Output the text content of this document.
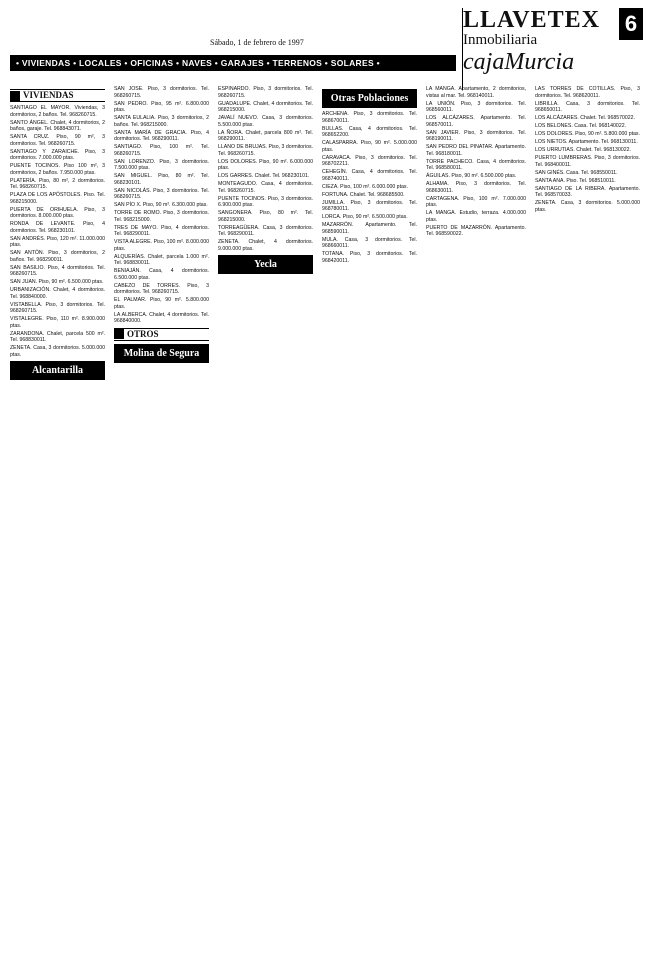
Sábado, 1 de febrero de 1997
LLAVETEX
Inmobiliaria
cajaMurcia
6
• VIVIENDAS • LOCALES • OFICINAS • NAVES • GARAJES • TERRENOS • SOLARES •
VIVIENDAS

SANTIAGO EL MAYOR. Viviendas, 3 dormitorios, 2 baños. Tel. 968260715.

SANTO ÁNGEL. Chalet, 4 dormitorios, 2 baños, garaje. Tel. 968843071.

SANTA CRUZ. Piso, 90 m², 3 dormitorios. Tel. 968260715.

SANTIAGO Y ZARAICHE. Piso, 3 dormitorios. 7.000.000 ptas.

PUENTE TOCINOS. Piso 100 m², 3 dormitorios, 2 baños. 7.950.000 ptas.

PLATERÍA. Piso, 80 m², 2 dormitorios. Tel. 968260715.

PLAZA DE LOS APÓSTOLES. Piso. Tel. 968215000.

PUERTA DE ORIHUELA. Piso, 3 dormitorios. 8.000.000 ptas.

RONDA DE LEVANTE. Piso, 4 dormitorios. Tel. 968230101.

SAN ANDRÉS. Piso, 120 m². 11.000.000 ptas.

SAN ANTÓN. Piso, 3 dormitorios, 2 baños. Tel. 968290011.

SAN BASILIO. Piso, 4 dormitorios. Tel. 968260715.

SAN JUAN. Piso, 90 m². 6.500.000 ptas.

URBANIZACIÓN. Chalet, 4 dormitorios. Tel. 968840000.

VISTABELLA. Piso, 3 dormitorios. Tel. 968260715.

VISTALEGRE. Piso, 110 m². 8.900.000 ptas.

ZARANDONA. Chalet, parcela 500 m². Tel. 968830011.

ZENETA. Casa, 3 dormitorios. 5.000.000 ptas.

Alcantarilla

SAN JOSÉ. Piso, 3 dormitorios. Tel. 968260715.

SAN PEDRO. Piso, 95 m². 6.800.000 ptas.

SANTA EULALIA. Piso, 3 dormitorios, 2 baños. Tel. 968215000.

SANTA MARÍA DE GRACIA. Piso, 4 dormitorios. Tel. 968290011.

SANTIAGO. Piso, 100 m². Tel. 968260715.

SAN LORENZO. Piso, 3 dormitorios. 7.500.000 ptas.

SAN MIGUEL. Piso, 80 m². Tel. 968230101.

SAN NICOLÁS. Piso, 3 dormitorios. Tel. 968260715.

SAN PÍO X. Piso, 90 m². 6.300.000 ptas.

TORRE DE ROMO. Piso, 3 dormitorios. Tel. 968215000.

TRES DE MAYO. Piso, 4 dormitorios. Tel. 968290011.

VISTA ALEGRE. Piso, 100 m². 8.000.000 ptas.

ALQUERÍAS. Chalet, parcela 1.000 m². Tel. 968830011.

BENIAJÁN. Casa, 4 dormitorios. 6.500.000 ptas.

CABEZO DE TORRES. Piso, 3 dormitorios. Tel. 968260715.

EL PALMAR. Piso, 90 m². 5.800.000 ptas.

LA ALBERCA. Chalet, 4 dormitorios. Tel. 968840000.

OTROS
Molina de Segura

ESPINARDO. Piso, 3 dormitorios. Tel. 968260715.

GUADALUPE. Chalet, 4 dormitorios. Tel. 968215000.

JAVALÍ NUEVO. Casa, 3 dormitorios. 5.500.000 ptas.

LA ÑORA. Chalet, parcela 800 m². Tel. 968290011.

LLANO DE BRUJAS. Piso, 3 dormitorios. Tel. 968260715.

LOS DOLORES. Piso, 90 m². 6.000.000 ptas.

LOS GARRES. Chalet. Tel. 968230101.

MONTEAGUDO. Casa, 4 dormitorios. Tel. 968260715.

PUENTE TOCINOS. Piso, 3 dormitorios. 6.900.000 ptas.

SANGONERA. Piso, 80 m². Tel. 968215000.

TORREAGÜERA. Casa, 3 dormitorios. Tel. 968290011.

ZENETA. Chalet, 4 dormitorios. 9.000.000 ptas.

Yecla
Otras Poblaciones

ARCHENA. Piso, 3 dormitorios. Tel. 968670011.

BULLAS. Casa, 4 dormitorios. Tel. 968652200.

CALASPARRA. Piso, 90 m². 5.000.000 ptas.

CARAVACA. Piso, 3 dormitorios. Tel. 968702211.

CEHEGÍN. Casa, 4 dormitorios. Tel. 968740011.

CIEZA. Piso, 100 m². 6.000.000 ptas.

FORTUNA. Chalet. Tel. 968685500.

JUMILLA. Piso, 3 dormitorios. Tel. 968780011.

LORCA. Piso, 90 m². 6.500.000 ptas.

MAZARRÓN. Apartamento. Tel. 968590011.

MULA. Casa, 3 dormitorios. Tel. 968660011.

TOTANA. Piso, 3 dormitorios. Tel. 968420011.

LA MANGA. Apartamento, 2 dormitorios, vistas al mar. Tel. 968140011.

LA UNIÓN. Piso, 3 dormitorios. Tel. 968560011.

LOS ALCÁZARES. Apartamento. Tel. 968570011.

SAN JAVIER. Piso, 3 dormitorios. Tel. 968190011.

SAN PEDRO DEL PINATAR. Apartamento. Tel. 968180011.

TORRE PACHECO. Casa, 4 dormitorios. Tel. 968580011.

ÁGUILAS. Piso, 90 m². 6.500.000 ptas.

ALHAMA. Piso, 3 dormitorios. Tel. 968630011.

CARTAGENA. Piso, 100 m². 7.000.000 ptas.

LA MANGA. Estudio, terraza. 4.000.000 ptas.

PUERTO DE MAZARRÓN. Apartamento. Tel. 968590022.

LAS TORRES DE COTILLAS. Piso, 3 dormitorios. Tel. 968620011.

LIBRILLA. Casa, 3 dormitorios. Tel. 968650011.

LOS ALCÁZARES. Chalet. Tel. 968570022.

LOS BELONES. Casa. Tel. 968140022.

LOS DOLORES. Piso, 90 m². 5.800.000 ptas.

LOS NIETOS. Apartamento. Tel. 968130011.

LOS URRUTIAS. Chalet. Tel. 968130022.

PUERTO LUMBRERAS. Piso, 3 dormitorios. Tel. 968400011.

SAN GINÉS. Casa. Tel. 968550011.

SANTA ANA. Piso. Tel. 968510011.

SANTIAGO DE LA RIBERA. Apartamento. Tel. 968570033.

ZENETA. Casa, 3 dormitorios. 5.000.000 ptas.
